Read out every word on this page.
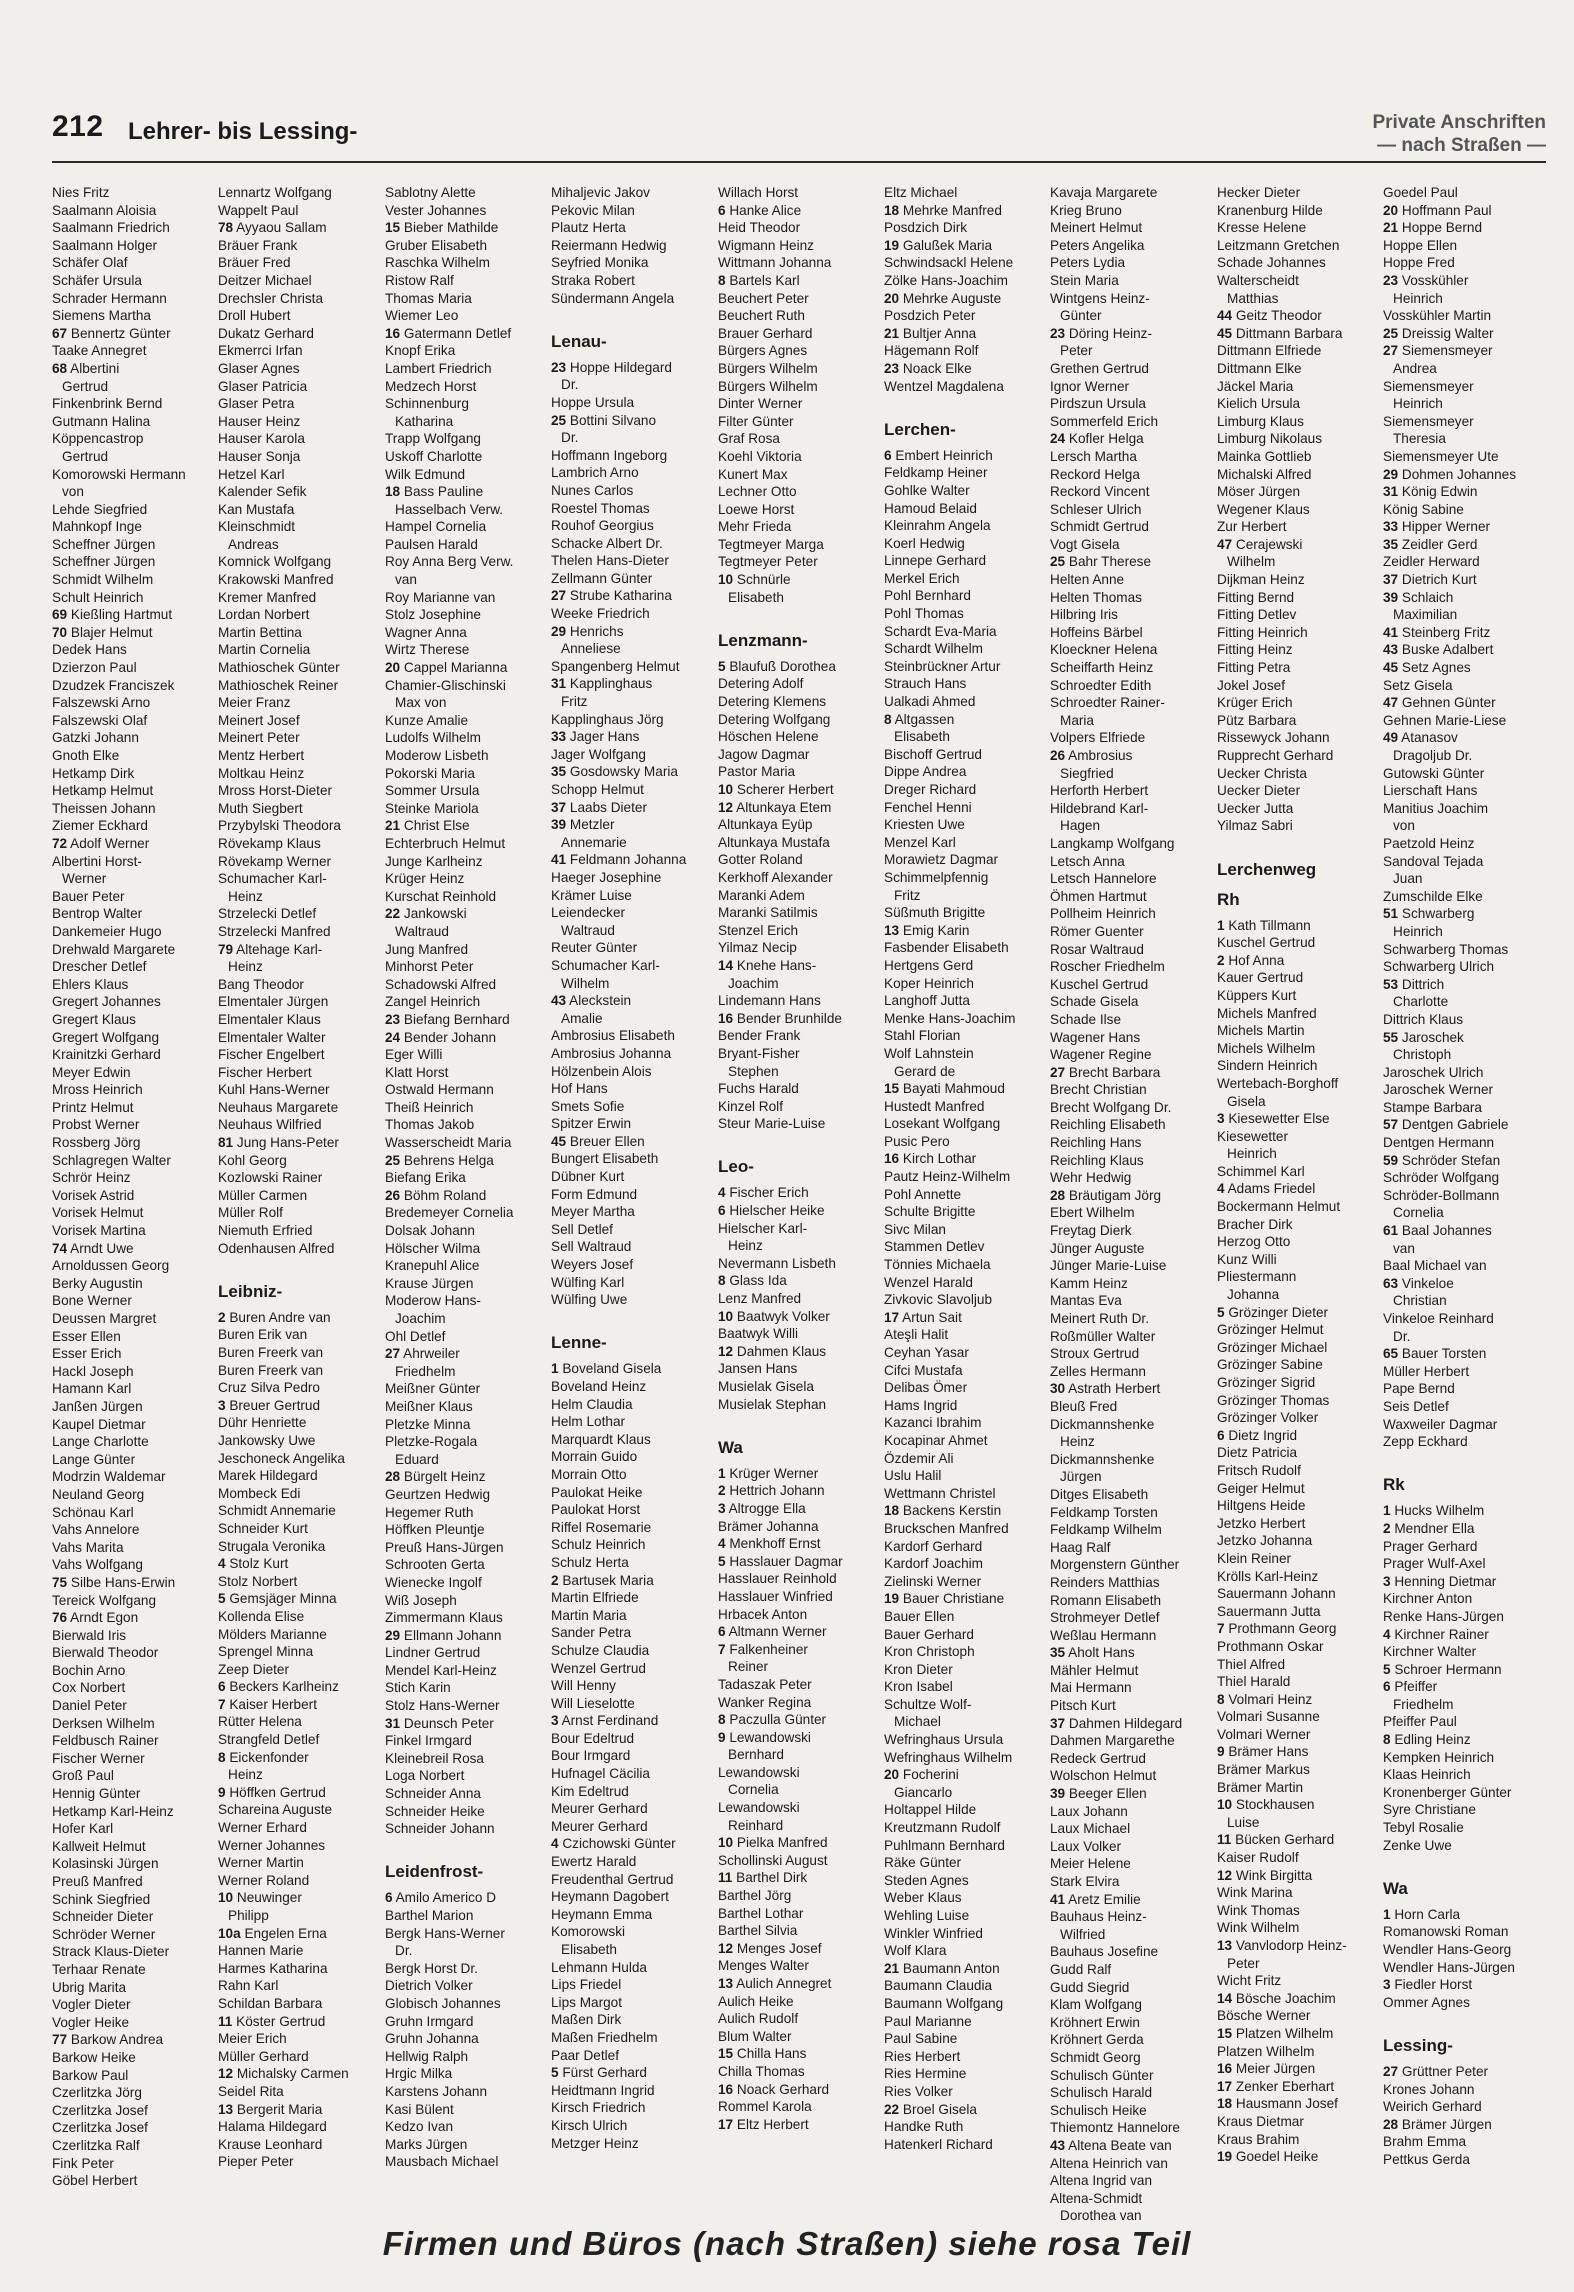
212 Lehrer- bis Lessing-	Private Anschriften
— nach Straßen —
Nies Fritz
Saalmann Aloisia
Saalmann Friedrich
Saalmann Holger
Schäfer Olaf
Schäfer Ursula
Schrader Hermann
Siemens Martha
67 Bennertz Günter
Taake Annegret
68 Albertini
Gertrud
Finkenbrink Bernd
Gutmann Halina
Köppencastrop
Gertrud
Komorowski Hermann
von
Lehde Siegfried
Mahnkopf Inge
Scheffner Jürgen
Scheffner Jürgen
Schmidt Wilhelm
Schult Heinrich
69 Kießling Hartmut
70 Blajer Helmut
Dedek Hans
Dzierzon Paul
Dzudzek Franciszek
Falszewski Arno
Falszewski Olaf
Gatzki Johann
Gnoth Elke
Hetkamp Dirk
Hetkamp Helmut
Theissen Johann
Ziemer Eckhard
72 Adolf Werner
Albertini Horst-
Werner
Bauer Peter
Bentrop Walter
Dankemeier Hugo
Drehwald Margarete
Drescher Detlef
Ehlers Klaus
Gregert Johannes
Gregert Klaus
Gregert Wolfgang
Krainitzki Gerhard
Meyer Edwin
Mross Heinrich
Printz Helmut
Probst Werner
Rossberg Jörg
Schlagregen Walter
Schrör Heinz
Vorisek Astrid
Vorisek Helmut
Vorisek Martina
74 Arndt Uwe
Arnoldussen Georg
Berky Augustin
Bone Werner
Deussen Margret
Esser Ellen
Esser Erich
Hackl Joseph
Hamann Karl
Janßen Jürgen
Kaupel Dietmar
Lange Charlotte
Lange Günter
Modrzin Waldemar
Neuland Georg
Schönau Karl
Vahs Annelore
Vahs Marita
Vahs Wolfgang
75 Silbe Hans-Erwin
Tereick Wolfgang
76 Arndt Egon
Bierwald Iris
Bierwald Theodor
Bochin Arno
Cox Norbert
Daniel Peter
Derksen Wilhelm
Feldbusch Rainer
Fischer Werner
Groß Paul
Hennig Günter
Hetkamp Karl-Heinz
Hofer Karl
Kallweit Helmut
Kolasinski Jürgen
Preuß Manfred
Schink Siegfried
Schneider Dieter
Schröder Werner
Strack Klaus-Dieter
Terhaar Renate
Ubrig Marita
Vogler Dieter
Vogler Heike
77 Barkow Andrea
Barkow Heike
Barkow Paul
Czerlitzka Jörg
Czerlitzka Josef
Czerlitzka Josef
Czerlitzka Ralf
Fink Peter
Göbel Herbert
Lennartz Wolfgang
Wappelt Paul
78 Ayyaou Sallam
Bräuer Frank
Bräuer Fred
Deitzer Michael
Drechsler Christa
Droll Hubert
Dukatz Gerhard
Ekmerrci Irfan
Glaser Agnes
Glaser Patricia
Glaser Petra
Hauser Heinz
Hauser Karola
Hauser Sonja
Hetzel Karl
Kalender Sefik
Kan Mustafa
Kleinschmidt
Andreas
Komnick Wolfgang
Krakowski Manfred
Kremer Manfred
Lordan Norbert
Martin Bettina
Martin Cornelia
Mathioschek Günter
Mathioschek Reiner
Meier Franz
Meinert Josef
Meinert Peter
Mentz Herbert
Moltkau Heinz
Mross Horst-Dieter
Muth Siegbert
Przybylski Theodora
Rövekamp Klaus
Rövekamp Werner
Schumacher Karl-
Heinz
Strzelecki Detlef
Strzelecki Manfred
79 Altehage Karl-
Heinz
Bang Theodor
Elmentaler Jürgen
Elmentaler Klaus
Elmentaler Walter
Fischer Engelbert
Fischer Herbert
Kuhl Hans-Werner
Neuhaus Margarete
Neuhaus Wilfried
81 Jung Hans-Peter
Kohl Georg
Kozlowski Rainer
Müller Carmen
Müller Rolf
Niemuth Erfried
Odenhausen Alfred
Leibniz-
2 Buren Andre van
Buren Erik van
Buren Freerk van
Buren Freerk van
Cruz Silva Pedro
3 Breuer Gertrud
Dühr Henriette
Jankowsky Uwe
Jeschoneck Angelika
Marek Hildegard
Mombeck Edi
Schmidt Annemarie
Schneider Kurt
Strugala Veronika
4 Stolz Kurt
Stolz Norbert
5 Gemsjäger Minna
Kollenda Elise
Mölders Marianne
Sprengel Minna
Zeep Dieter
6 Beckers Karlheinz
7 Kaiser Herbert
Rütter Helena
Strangfeld Detlef
8 Eickenfonder
Heinz
9 Höffken Gertrud
Schareina Auguste
Werner Erhard
Werner Johannes
Werner Martin
Werner Roland
10 Neuwinger
Philipp
10a Engelen Erna
Hannen Marie
Harmes Katharina
Rahn Karl
Schildan Barbara
11 Köster Gertrud
Meier Erich
Müller Gerhard
12 Michalsky Carmen
Seidel Rita
13 Bergerit Maria
Halama Hildegard
Krause Leonhard
Pieper Peter
Sablotny Alette
Vester Johannes
15 Bieber Mathilde
Gruber Elisabeth
Raschka Wilhelm
Ristow Ralf
Thomas Maria
Wiemer Leo
16 Gatermann Detlef
Knopf Erika
Lambert Friedrich
Medzech Horst
Schinnenburg
Katharina
Trapp Wolfgang
Uskoff Charlotte
Wilk Edmund
18 Bass Pauline
Hasselbach Verw.
Hampel Cornelia
Paulsen Harald
Roy Anna Berg Verw.
van
Roy Marianne van
Stolz Josephine
Wagner Anna
Wirtz Therese
20 Cappel Marianna
Chamier-Glischinski
Max von
Kunze Amalie
Ludolfs Wilhelm
Moderow Lisbeth
Pokorski Maria
Sommer Ursula
Steinke Mariola
21 Christ Else
Echterbruch Helmut
Junge Karlheinz
Krüger Heinz
Kurschat Reinhold
22 Jankowski
Waltraud
Jung Manfred
Minhorst Peter
Schadowski Alfred
Zangel Heinrich
23 Biefang Bernhard
24 Bender Johann
Eger Willi
Klatt Horst
Ostwald Hermann
Theiß Heinrich
Thomas Jakob
Wasserscheidt Maria
25 Behrens Helga
Biefang Erika
26 Böhm Roland
Bredemeyer Cornelia
Dolsak Johann
Hölscher Wilma
Kranepuhl Alice
Krause Jürgen
Moderow Hans-
Joachim
Ohl Detlef
27 Ahrweiler
Friedhelm
Meißner Günter
Meißner Klaus
Pletzke Minna
Pletzke-Rogala
Eduard
28 Bürgelt Heinz
Geurtzen Hedwig
Hegemer Ruth
Höffken Pleuntje
Preuß Hans-Jürgen
Schrooten Gerta
Wienecke Ingolf
Wiß Joseph
Zimmermann Klaus
29 Ellmann Johann
Lindner Gertrud
Mendel Karl-Heinz
Stich Karin
Stolz Hans-Werner
31 Deunsch Peter
Finkel Irmgard
Kleinebreil Rosa
Loga Norbert
Schneider Anna
Schneider Heike
Schneider Johann
Leidenfrost-
6 Amilo Americo D
Barthel Marion
Bergk Hans-Werner
Dr.
Bergk Horst Dr.
Dietrich Volker
Globisch Johannes
Gruhn Irmgard
Gruhn Johanna
Hellwig Ralph
Hrgic Milka
Karstens Johann
Kasi Bülent
Kedzo Ivan
Marks Jürgen
Mausbach Michael
Mihaljevic Jakov
Pekovic Milan
Plautz Herta
Reiermann Hedwig
Seyfried Monika
Straka Robert
Sündermann Angela
Lenau-
23 Hoppe Hildegard
Dr.
Hoppe Ursula
25 Bottini Silvano
Dr.
Hoffmann Ingeborg
Lambrich Arno
Nunes Carlos
Roestel Thomas
Rouhof Georgius
Schacke Albert Dr.
Thelen Hans-Dieter
Zellmann Günter
27 Strube Katharina
Weeke Friedrich
29 Henrichs
Anneliese
Spangenberg Helmut
31 Kapplinghaus
Fritz
Kapplinghaus Jörg
33 Jager Hans
Jager Wolfgang
35 Gosdowsky Maria
Schopp Helmut
37 Laabs Dieter
39 Metzler
Annemarie
41 Feldmann Johanna
Haeger Josephine
Krämer Luise
Leiendecker
Waltraud
Reuter Günter
Schumacher Karl-
Wilhelm
43 Aleckstein
Amalie
Ambrosius Elisabeth
Ambrosius Johanna
Hölzenbein Alois
Hof Hans
Smets Sofie
Spitzer Erwin
45 Breuer Ellen
Bungert Elisabeth
Dübner Kurt
Form Edmund
Meyer Martha
Sell Detlef
Sell Waltraud
Weyers Josef
Wülfing Karl
Wülfing Uwe
Lenne-
1 Boveland Gisela
Boveland Heinz
Helm Claudia
Helm Lothar
Marquardt Klaus
Morrain Guido
Morrain Otto
Paulokat Heike
Paulokat Horst
Riffel Rosemarie
Schulz Heinrich
Schulz Herta
2 Bartusek Maria
Martin Elfriede
Martin Maria
Sander Petra
Schulze Claudia
Wenzel Gertrud
Will Henny
Will Lieselotte
3 Arnst Ferdinand
Bour Edeltrud
Bour Irmgard
Hufnagel Cäcilia
Kim Edeltrud
Meurer Gerhard
Meurer Gerhard
4 Czichowski Günter
Ewertz Harald
Freudenthal Gertrud
Heymann Dagobert
Heymann Emma
Komorowski
Elisabeth
Lehmann Hulda
Lips Friedel
Lips Margot
Maßen Dirk
Maßen Friedhelm
Paar Detlef
5 Fürst Gerhard
Heidtmann Ingrid
Kirsch Friedrich
Kirsch Ulrich
Metzger Heinz
Willach Horst
6 Hanke Alice
Heid Theodor
Wigmann Heinz
Wittmann Johanna
8 Bartels Karl
Beuchert Peter
Beuchert Ruth
Brauer Gerhard
Bürgers Agnes
Bürgers Wilhelm
Bürgers Wilhelm
Dinter Werner
Filter Günter
Graf Rosa
Koehl Viktoria
Kunert Max
Lechner Otto
Loewe Horst
Mehr Frieda
Tegtmeyer Marga
Tegtmeyer Peter
10 Schnürle
Elisabeth
Lenzmann-
5 Blaufuß Dorothea
Detering Adolf
Detering Klemens
Detering Wolfgang
Höschen Helene
Jagow Dagmar
Pastor Maria
10 Scherer Herbert
12 Altunkaya Etem
Altunkaya Eyüp
Altunkaya Mustafa
Gotter Roland
Kerkhoff Alexander
Maranki Adem
Maranki Satilmis
Stenzel Erich
Yilmaz Necip
14 Knehe Hans-
Joachim
Lindemann Hans
16 Bender Brunhilde
Bender Frank
Bryant-Fisher
Stephen
Fuchs Harald
Kinzel Rolf
Steur Marie-Luise
Leo-
4 Fischer Erich
6 Hielscher Heike
Hielscher Karl-
Heinz
Nevermann Lisbeth
8 Glass Ida
Lenz Manfred
10 Baatwyk Volker
Baatwyk Willi
12 Dahmen Klaus
Jansen Hans
Musielak Gisela
Musielak Stephan
Wa
1 Krüger Werner
2 Hettrich Johann
3 Altrogge Ella
Brämer Johanna
4 Menkhoff Ernst
5 Hasslauer Dagmar
Hasslauer Reinhold
Hasslauer Winfried
Hrbacek Anton
6 Altmann Werner
7 Falkenheiner
Reiner
Tadaszak Peter
Wanker Regina
8 Paczulla Günter
9 Lewandowski
Bernhard
Lewandowski
Cornelia
Lewandowski
Reinhard
10 Pielka Manfred
Schollinski August
11 Barthel Dirk
Barthel Jörg
Barthel Lothar
Barthel Silvia
12 Menges Josef
Menges Walter
13 Aulich Annegret
Aulich Heike
Aulich Rudolf
Blum Walter
15 Chilla Hans
Chilla Thomas
16 Noack Gerhard
Rommel Karola
17 Eltz Herbert
Eltz Michael
18 Mehrke Manfred
Posdzich Dirk
19 Galußek Maria
Schwindsackl Helene
Zölke Hans-Joachim
20 Mehrke Auguste
Posdzich Peter
21 Bultjer Anna
Hägemann Rolf
23 Noack Elke
Wentzel Magdalena
Lerchen-
6 Embert Heinrich
Feldkamp Heiner
Gohlke Walter
Hamoud Belaid
Kleinrahm Angela
Koerl Hedwig
Linnepe Gerhard
Merkel Erich
Pohl Bernhard
Pohl Thomas
Schardt Eva-Maria
Schardt Wilhelm
Steinbrückner Artur
Strauch Hans
Ualkadi Ahmed
8 Altgassen
Elisabeth
Bischoff Gertrud
Dippe Andrea
Dreger Richard
Fenchel Henni
Kriesten Uwe
Menzel Karl
Morawietz Dagmar
Schimmelpfennig
Fritz
Süßmuth Brigitte
13 Emig Karin
Fasbender Elisabeth
Hertgens Gerd
Koper Heinrich
Langhoff Jutta
Menke Hans-Joachim
Stahl Florian
Wolf Lahnstein
Gerard de
15 Bayati Mahmoud
Hustedt Manfred
Losekant Wolfgang
Pusic Pero
16 Kirch Lothar
Pautz Heinz-Wilhelm
Pohl Annette
Schulte Brigitte
Sivc Milan
Stammen Detlev
Tönnies Michaela
Wenzel Harald
Zivkovic Slavoljub
17 Artun Sait
Ateşli Halit
Ceyhan Yasar
Cifci Mustafa
Delibas Ömer
Hams Ingrid
Kazanci Ibrahim
Kocapinar Ahmet
Özdemir Ali
Uslu Halil
Wettmann Christel
18 Backens Kerstin
Bruckschen Manfred
Kardorf Gerhard
Kardorf Joachim
Zielinski Werner
19 Bauer Christiane
Bauer Ellen
Bauer Gerhard
Kron Christoph
Kron Dieter
Kron Isabel
Schultze Wolf-
Michael
Wefringhaus Ursula
Wefringhaus Wilhelm
20 Focherini
Giancarlo
Holtappel Hilde
Kreutzmann Rudolf
Puhlmann Bernhard
Räke Günter
Steden Agnes
Weber Klaus
Wehling Luise
Winkler Winfried
Wolf Klara
21 Baumann Anton
Baumann Claudia
Baumann Wolfgang
Paul Marianne
Paul Sabine
Ries Herbert
Ries Hermine
Ries Volker
22 Broel Gisela
Handke Ruth
Hatenkerl Richard
Kavaja Margarete
Krieg Bruno
Meinert Helmut
Peters Angelika
Peters Lydia
Stein Maria
Wintgens Heinz-
Günter
23 Döring Heinz-
Peter
Grethen Gertrud
Ignor Werner
Pirdszun Ursula
Sommerfeld Erich
24 Kofler Helga
Lersch Martha
Reckord Helga
Reckord Vincent
Schleser Ulrich
Schmidt Gertrud
Vogt Gisela
25 Bahr Therese
Helten Anne
Helten Thomas
Hilbring Iris
Hoffeins Bärbel
Kloeckner Helena
Scheiffarth Heinz
Schroedter Edith
Schroedter Rainer-
Maria
Volpers Elfriede
26 Ambrosius
Siegfried
Herforth Herbert
Hildebrand Karl-
Hagen
Langkamp Wolfgang
Letsch Anna
Letsch Hannelore
Öhmen Hartmut
Pollheim Heinrich
Römer Guenter
Rosar Waltraud
Roscher Friedhelm
Kuschel Gertrud
Schade Gisela
Schade Ilse
Wagener Hans
Wagener Regine
27 Brecht Barbara
Brecht Christian
Brecht Wolfgang Dr.
Reichling Elisabeth
Reichling Hans
Reichling Klaus
Wehr Hedwig
28 Bräutigam Jörg
Ebert Wilhelm
Freytag Dierk
Jünger Auguste
Jünger Marie-Luise
Kamm Heinz
Mantas Eva
Meinert Ruth Dr.
Roßmüller Walter
Stroux Gertrud
Zelles Hermann
30 Astrath Herbert
Bleuß Fred
Dickmannshenke
Heinz
Dickmannshenke
Jürgen
Ditges Elisabeth
Feldkamp Torsten
Feldkamp Wilhelm
Haag Ralf
Morgenstern Günther
Reinders Matthias
Romann Elisabeth
Strohmeyer Detlef
Weßlau Hermann
35 Aholt Hans
Mähler Helmut
Mai Hermann
Pitsch Kurt
37 Dahmen Hildegard
Dahmen Margarethe
Redeck Gertrud
Wolschon Helmut
39 Beeger Ellen
Laux Johann
Laux Michael
Laux Volker
Meier Helene
Stark Elvira
41 Aretz Emilie
Bauhaus Heinz-
Wilfried
Bauhaus Josefine
Gudd Ralf
Gudd Siegrid
Klam Wolfgang
Kröhnert Erwin
Kröhnert Gerda
Schmidt Georg
Schulisch Günter
Schulisch Harald
Schulisch Heike
Thiemontz Hannelore
43 Altena Beate van
Altena Heinrich van
Altena Ingrid van
Altena-Schmidt
Dorothea van
Hecker Dieter
Kranenburg Hilde
Kresse Helene
Leitzmann Gretchen
Schade Johannes
Walterscheidt
Matthias
44 Geitz Theodor
45 Dittmann Barbara
Dittmann Elfriede
Dittmann Elke
Jäckel Maria
Kielich Ursula
Limburg Klaus
Limburg Nikolaus
Mainka Gottlieb
Michalski Alfred
Möser Jürgen
Wegener Klaus
Zur Herbert
47 Cerajewski
Wilhelm
Dijkman Heinz
Fitting Bernd
Fitting Detlev
Fitting Heinrich
Fitting Heinz
Fitting Petra
Jokel Josef
Krüger Erich
Pütz Barbara
Rissewyck Johann
Rupprecht Gerhard
Uecker Christa
Uecker Dieter
Uecker Jutta
Yilmaz Sabri
Lerchenweg
Rh
1 Kath Tillmann
Kuschel Gertrud
2 Hof Anna
Kauer Gertrud
Küppers Kurt
Michels Manfred
Michels Martin
Michels Wilhelm
Sindern Heinrich
Wertebach-Borghoff
Gisela
3 Kiesewetter Else
Kiesewetter
Heinrich
Schimmel Karl
4 Adams Friedel
Bockermann Helmut
Bracher Dirk
Herzog Otto
Kunz Willi
Pliestermann
Johanna
5 Grözinger Dieter
Grözinger Helmut
Grözinger Michael
Grözinger Sabine
Grözinger Sigrid
Grözinger Thomas
Grözinger Volker
6 Dietz Ingrid
Dietz Patricia
Fritsch Rudolf
Geiger Helmut
Hiltgens Heide
Jetzko Herbert
Jetzko Johanna
Klein Reiner
Krölls Karl-Heinz
Sauermann Johann
Sauermann Jutta
7 Prothmann Georg
Prothmann Oskar
Thiel Alfred
Thiel Harald
8 Volmari Heinz
Volmari Susanne
Volmari Werner
9 Brämer Hans
Brämer Markus
Brämer Martin
10 Stockhausen
Luise
11 Bücken Gerhard
Kaiser Rudolf
12 Wink Birgitta
Wink Marina
Wink Thomas
Wink Wilhelm
13 Vanvlodorp Heinz-
Peter
Wicht Fritz
14 Bösche Joachim
Bösche Werner
15 Platzen Wilhelm
Platzen Wilhelm
16 Meier Jürgen
17 Zenker Eberhart
18 Hausmann Josef
Kraus Dietmar
Kraus Brahim
19 Goedel Heike
Goedel Paul
20 Hoffmann Paul
21 Hoppe Bernd
Hoppe Ellen
Hoppe Fred
23 Vosskühler
Heinrich
Vosskühler Martin
25 Dreissig Walter
27 Siemensmeyer
Andrea
Siemensmeyer
Heinrich
Siemensmeyer
Theresia
Siemensmeyer Ute
29 Dohmen Johannes
31 König Edwin
König Sabine
33 Hipper Werner
35 Zeidler Gerd
Zeidler Herward
37 Dietrich Kurt
39 Schlaich
Maximilian
41 Steinberg Fritz
43 Buske Adalbert
45 Setz Agnes
Setz Gisela
47 Gehnen Günter
Gehnen Marie-Liese
49 Atanasov
Dragoljub Dr.
Gutowski Günter
Lierschaft Hans
Manitius Joachim
von
Paetzold Heinz
Sandoval Tejada
Juan
Zumschilde Elke
51 Schwarberg
Heinrich
Schwarberg Thomas
Schwarberg Ulrich
53 Dittrich
Charlotte
Dittrich Klaus
55 Jaroschek
Christoph
Jaroschek Ulrich
Jaroschek Werner
Stampe Barbara
57 Dentgen Gabriele
Dentgen Hermann
59 Schröder Stefan
Schröder Wolfgang
Schröder-Bollmann
Cornelia
61 Baal Johannes
van
Baal Michael van
63 Vinkeloe
Christian
Vinkeloe Reinhard
Dr.
65 Bauer Torsten
Müller Herbert
Pape Bernd
Seis Detlef
Waxweiler Dagmar
Zepp Eckhard
Rk
1 Hucks Wilhelm
2 Mendner Ella
Prager Gerhard
Prager Wulf-Axel
3 Henning Dietmar
Kirchner Anton
Renke Hans-Jürgen
4 Kirchner Rainer
Kirchner Walter
5 Schroer Hermann
6 Pfeiffer
Friedhelm
Pfeiffer Paul
8 Edling Heinz
Kempken Heinrich
Klaas Heinrich
Kronenberger Günter
Syre Christiane
Tebyl Rosalie
Zenke Uwe
Wa
1 Horn Carla
Romanowski Roman
Wendler Hans-Georg
Wendler Hans-Jürgen
3 Fiedler Horst
Ommer Agnes
Lessing-
27 Grüttner Peter
Krones Johann
Weirich Gerhard
28 Brämer Jürgen
Brahm Emma
Pettkus Gerda
Firmen und Büros (nach Straßen) siehe rosa Teil
